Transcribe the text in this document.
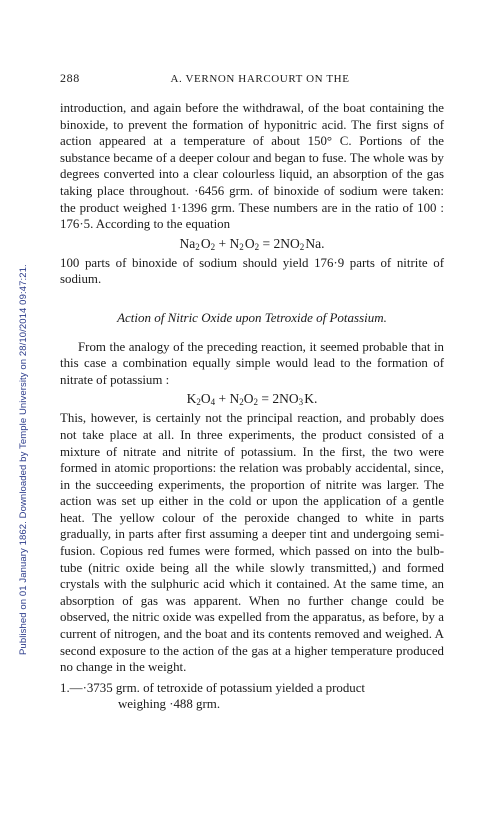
Published on 01 January 1862. Downloaded by Temple University on 28/10/2014 09:47:21.
288	A. VERNON HARCOURT ON THE

introduction, and again before the withdrawal, of the boat containing the binoxide, to prevent the formation of hyponitric acid. The first signs of action appeared at a temperature of about 150° C. Portions of the substance became of a deeper colour and began to fuse. The whole was by degrees converted into a clear colourless liquid, an absorption of the gas taking place throughout. ·6456 grm. of binoxide of sodium were taken: the product weighed 1·1396 grm. These numbers are in the ratio of 100 : 176·5. According to the equation

$Na_2$ $O_2 + N_2$ $O_2 = 2NO_2$ Na.

100 parts of binoxide of sodium should yield 176·9 parts of nitrite of sodium.

Action of Nitric Oxide upon Tetroxide of Potassium.

From the analogy of the preceding reaction, it seemed probable that in this case a combination equally simple would lead to the formation of nitrate of potassium :

$K_2O_4 + N_2O_2 = 2NO_3$ K.

This, however, is certainly not the principal reaction, and probably does not take place at all. In three experiments, the product consisted of a mixture of nitrate and nitrite of potassium. In the first, the two were formed in atomic proportions: the relation was probably accidental, since, in the succeeding experiments, the proportion of nitrite was larger. The action was set up either in the cold or upon the application of a gentle heat. The yellow colour of the peroxide changed to white in parts gradually, in parts after first assuming a deeper tint and undergoing semi-fusion. Copious red fumes were formed, which passed on into the bulb-tube (nitric oxide being all the while slowly transmitted,) and formed crystals with the sulphuric acid which it contained. At the same time, an absorption of gas was apparent. When no further change could be observed, the nitric oxide was expelled from the apparatus, as before, by a current of nitrogen, and the boat and its contents removed and weighed. A second exposure to the action of the gas at a higher temperature produced no change in the weight.

1.—·3735 grm. of tetroxide of potassium yielded a product
weighing ·488 grm.
